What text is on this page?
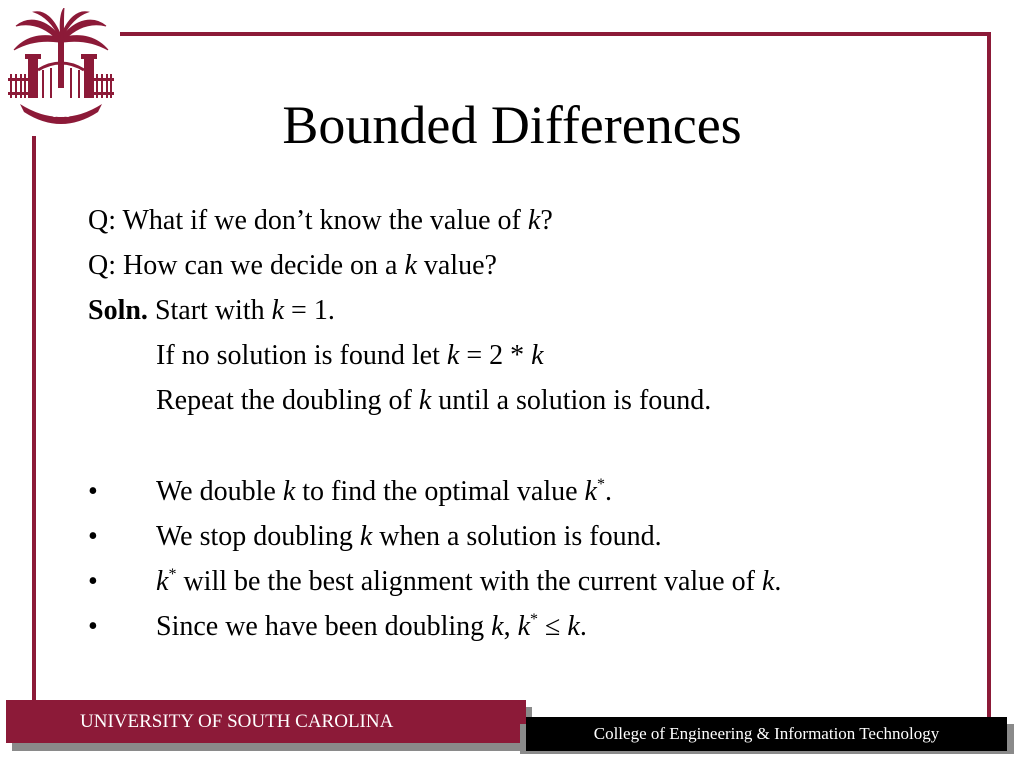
1801	Bounded Differences
Q: What if we don’t know the value of k?
Q: How can we decide on a k value?
Soln. Start with k = 1.
If no solution is found let k = 2 * k
Repeat the doubling of k until a solution is found.
•	We double k to find the optimal value k*.
•	We stop doubling k when a solution is found.
•	k* will be the best alignment with the current value of k.
•	Since we have been doubling k, k* ≤ k.
UNIVERSITY OF SOUTH CAROLINA
College of Engineering & Information Technology
